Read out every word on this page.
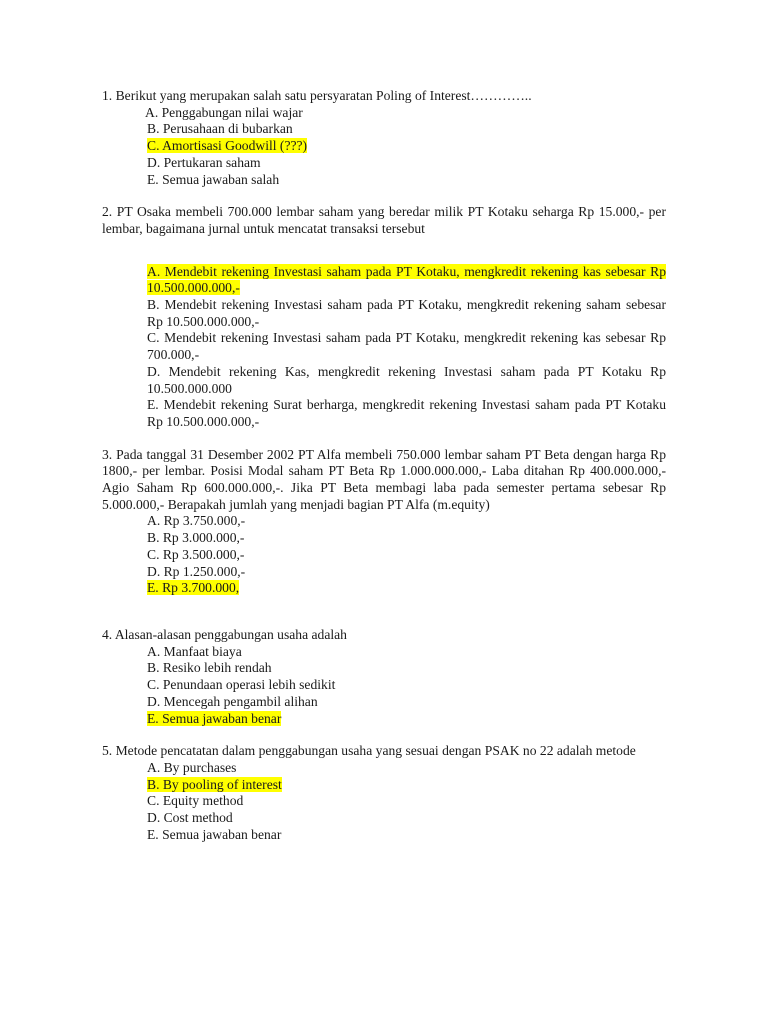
1. Berikut yang merupakan salah satu persyaratan Poling of Interest…………..
A. Penggabungan nilai wajar
B. Perusahaan di bubarkan
C. Amortisasi Goodwill (???)
D. Pertukaran saham
E. Semua jawaban salah
2. PT Osaka membeli 700.000 lembar saham yang beredar milik PT Kotaku seharga Rp 15.000,- per lembar, bagaimana jurnal untuk mencatat transaksi tersebut
A. Mendebit rekening Investasi saham pada PT Kotaku, mengkredit rekening kas sebesar Rp 10.500.000.000,-
B. Mendebit rekening Investasi saham pada PT Kotaku, mengkredit rekening saham sebesar Rp 10.500.000.000,-
C. Mendebit rekening Investasi saham pada PT Kotaku, mengkredit rekening kas sebesar Rp 700.000,-
D. Mendebit rekening Kas, mengkredit rekening Investasi saham pada PT Kotaku Rp 10.500.000.000
E. Mendebit rekening Surat berharga, mengkredit rekening Investasi saham pada PT Kotaku Rp 10.500.000.000,-
3. Pada tanggal 31 Desember 2002 PT Alfa membeli 750.000 lembar saham PT Beta dengan harga Rp 1800,- per lembar. Posisi Modal saham PT Beta Rp 1.000.000.000,- Laba ditahan Rp 400.000.000,- Agio Saham Rp 600.000.000,-. Jika PT Beta membagi laba pada semester pertama sebesar Rp 5.000.000,- Berapakah jumlah yang menjadi bagian PT Alfa (m.equity)
A. Rp 3.750.000,-
B. Rp 3.000.000,-
C. Rp 3.500.000,-
D. Rp 1.250.000,-
E. Rp 3.700.000,
4. Alasan-alasan penggabungan usaha adalah
A. Manfaat biaya
B. Resiko lebih rendah
C. Penundaan operasi lebih sedikit
D. Mencegah pengambil alihan
E. Semua jawaban benar
5. Metode pencatatan dalam penggabungan usaha yang sesuai dengan PSAK no 22 adalah metode
A. By purchases
B. By pooling of interest
C. Equity method
D. Cost method
E. Semua jawaban benar
